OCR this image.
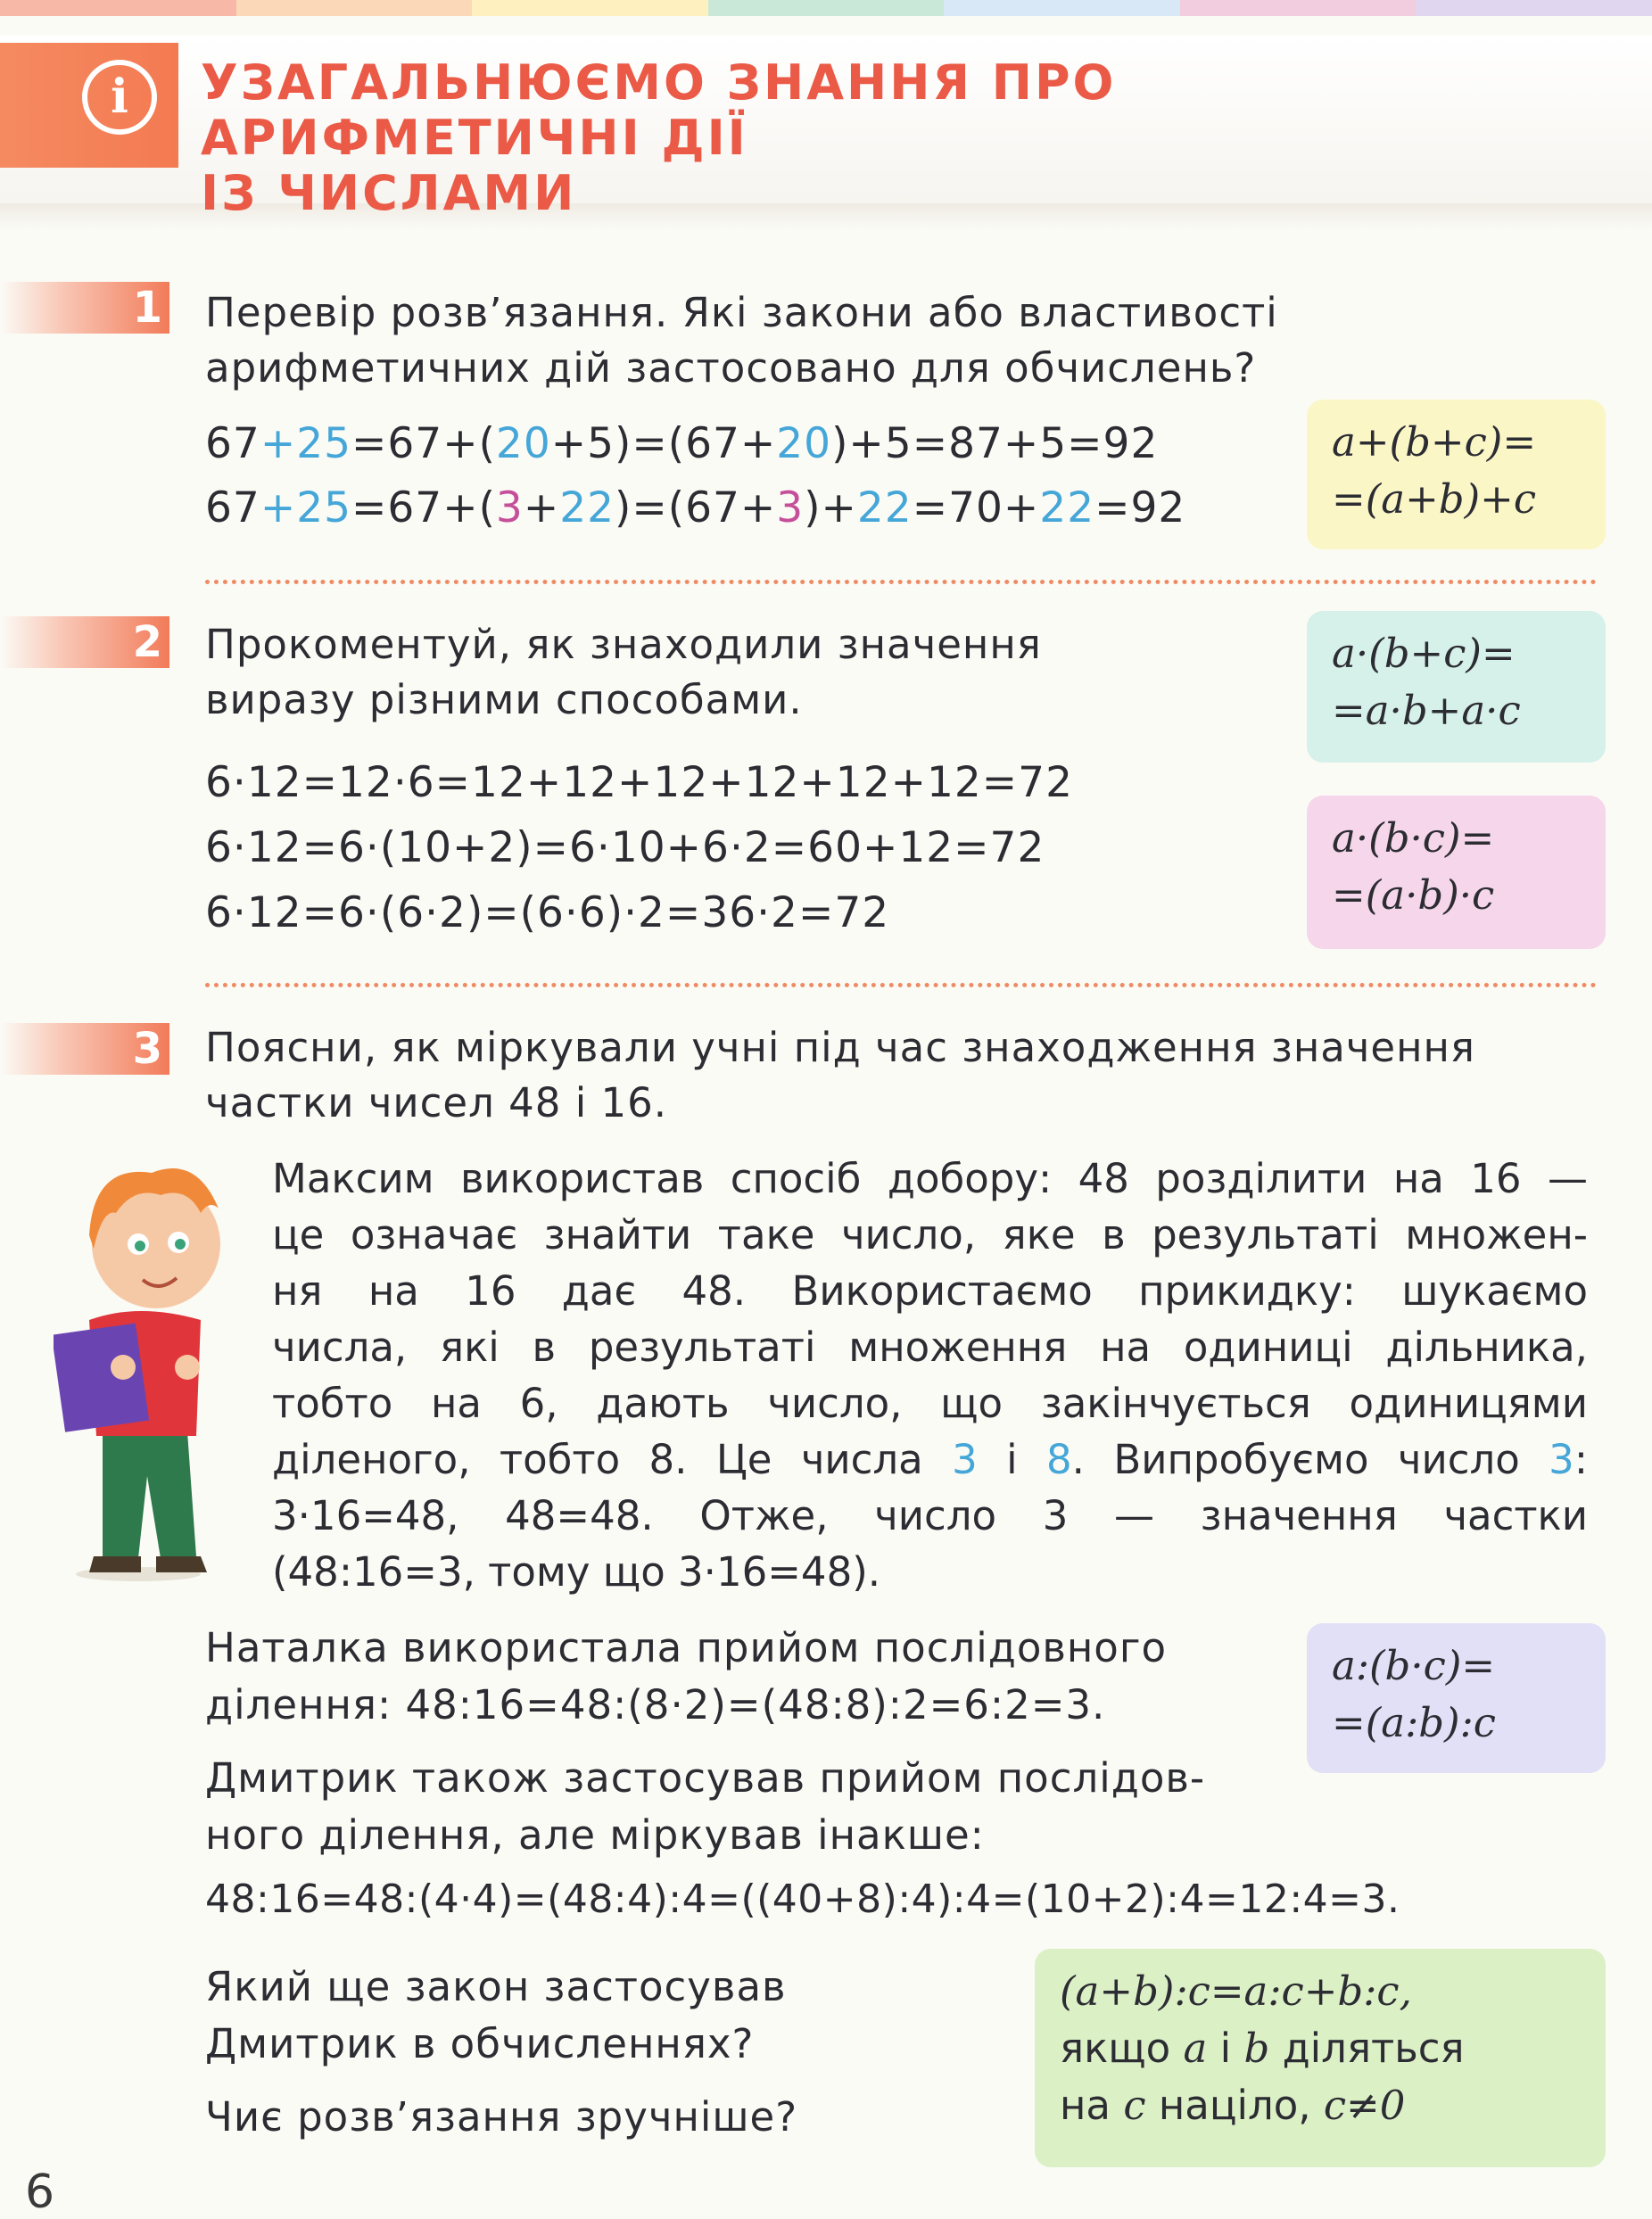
i	УЗАГАЛЬНЮЄМО ЗНАННЯ ПРО АРИФМЕТИЧНІ ДІЇ
ІЗ ЧИСЛАМИ
1 Перевір розв’язання. Які закони або властивості
арифметичних дій застосовано для обчислень?
67+25=67+(20+5)=(67+20)+5=87+5=92
67+25=67+(3+22)=(67+3)+22=70+22=92
a+(b+c)=
=(a+b)+c
2 Прокоментуй, як знаходили значення
виразу різними способами.
6·12=12·6=12+12+12+12+12+12=72
6·12=6·(10+2)=6·10+6·2=60+12=72
6·12=6·(6·2)=(6·6)·2=36·2=72
a·(b+c)=
=a·b+a·c
a·(b·c)=
=(a·b)·c
3 Поясни, як міркували учні під час знаходження значення
частки чисел 48 і 16.

Максим використав спосіб добору: 48 розділити на 16 —

це означає знайти таке число, яке в результаті множен-

ня на 16 дає 48. Використаємо прикидку: шукаємо

числа, які в результаті множення на одиниці дільника,

тобто на 6, дають число, що закінчується одиницями

діленого, тобто 8. Це числа 3 і 8. Випробуємо число 3:

3·16=48, 48=48. Отже, число 3 — значення частки

(48:16=3, тому що 3·16=48).

Наталка використала прийом послідовного
ділення: 48:16=48:(8·2)=(48:8):2=6:2=3.
a:(b·c)=
=(a:b):c
Дмитрик також застосував прийом послідов-
ного ділення, але міркував інакше:
48:16=48:(4·4)=(48:4):4=((40+8):4):4=(10+2):4=12:4=3.
Який ще закон застосував
Дмитрик в обчисленнях?
Чиє розв’язання зручніше?
(a+b):c=a:c+b:c,
якщо a і b діляться
на c націло, c≠0
6
